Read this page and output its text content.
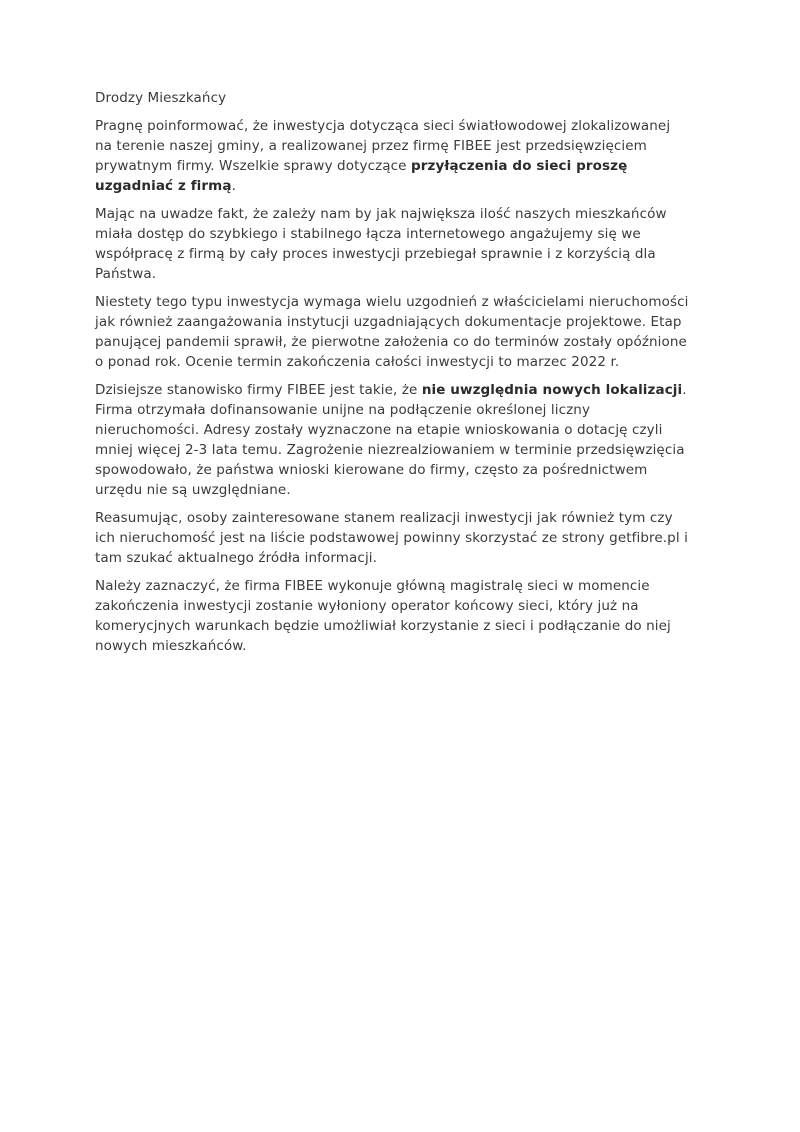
Drodzy Mieszkańcy

Pragnę poinformować, że inwestycja dotycząca sieci światłowodowej zlokalizowanej na terenie naszej gminy, a realizowanej przez firmę FIBEE jest przedsięwzięciem prywatnym firmy. Wszelkie sprawy dotyczące przyłączenia do sieci proszę uzgadniać z firmą.

Mając na uwadze fakt, że zależy nam by jak największa ilość naszych mieszkańców miała dostęp do szybkiego i stabilnego łącza internetowego angażujemy się we współpracę z firmą by cały proces inwestycji przebiegał sprawnie i z korzyścią dla Państwa.

Niestety tego typu inwestycja wymaga wielu uzgodnień z właścicielami nieruchomości jak również zaangażowania instytucji uzgadniających dokumentacje projektowe. Etap panującej pandemii sprawił, że pierwotne założenia co do terminów zostały opóźnione o ponad rok. Ocenie termin zakończenia całości inwestycji to marzec 2022 r.

Dzisiejsze stanowisko firmy FIBEE jest takie, że nie uwzględnia nowych lokalizacji. Firma otrzymała dofinansowanie unijne na podłączenie określonej liczny nieruchomości. Adresy zostały wyznaczone na etapie wnioskowania o dotację czyli mniej więcej 2-3 lata temu. Zagrożenie niezrealziowaniem w terminie przedsięwzięcia spowodowało, że państwa wnioski kierowane do firmy, często za pośrednictwem urzędu nie są uwzględniane.

Reasumując, osoby zainteresowane stanem realizacji inwestycji jak również tym czy ich nieruchomość jest na liście podstawowej powinny skorzystać ze strony getfibre.pl i tam szukać aktualnego źródła informacji.

Należy zaznaczyć, że firma FIBEE wykonuje główną magistralę sieci w momencie zakończenia inwestycji zostanie wyłoniony operator końcowy sieci, który już na komerycjnych warunkach będzie umożliwiał korzystanie z sieci i podłączanie do niej nowych mieszkańców.
